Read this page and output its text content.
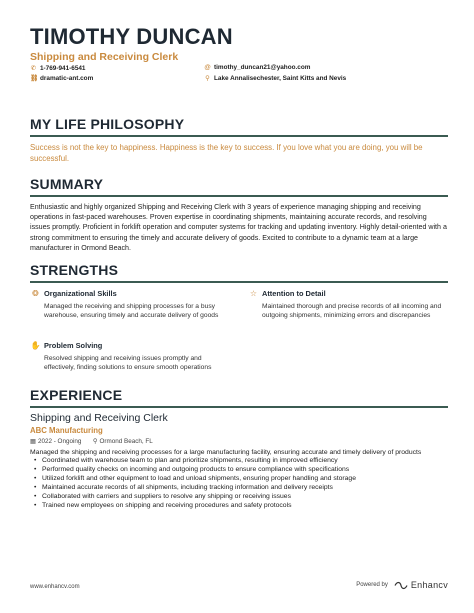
TIMOTHY DUNCAN
Shipping and Receiving Clerk
✆ 1-769-941-6541	@ timothy_duncan21@yahoo.com
⛓ dramatic-ant.com	⚲ Lake Annalisechester, Saint Kitts and Nevis
MY LIFE PHILOSOPHY
Success is not the key to happiness. Happiness is the key to success. If you love what you are doing, you will be successful.
SUMMARY
Enthusiastic and highly organized Shipping and Receiving Clerk with 3 years of experience managing shipping and receiving operations in fast-paced warehouses. Proven expertise in coordinating shipments, maintaining accurate records, and resolving issues promptly. Proficient in forklift operation and computer systems for tracking and updating inventory. Highly detail-oriented with a strong commitment to ensuring the timely and accurate delivery of goods. Excited to contribute to a dynamic team at a large manufacturer in Ormond Beach.
STRENGTHS
❂ Organizational Skills
Managed the receiving and shipping processes for a busy warehouse, ensuring timely and accurate delivery of goods
☆ Attention to Detail
Maintained thorough and precise records of all incoming and outgoing shipments, minimizing errors and discrepancies
✋ Problem Solving
Resolved shipping and receiving issues promptly and effectively, finding solutions to ensure smooth operations
EXPERIENCE
Shipping and Receiving Clerk
ABC Manufacturing
▦ 2022 - Ongoing ⚲ Ormond Beach, FL
Managed the shipping and receiving processes for a large manufacturing facility, ensuring accurate and timely delivery of products
• Coordinated with warehouse team to plan and prioritize shipments, resulting in improved efficiency
• Performed quality checks on incoming and outgoing products to ensure compliance with specifications
• Utilized forklift and other equipment to load and unload shipments, ensuring proper handling and storage
• Maintained accurate records of all shipments, including tracking information and delivery receipts
• Collaborated with carriers and suppliers to resolve any shipping or receiving issues
• Trained new employees on shipping and receiving procedures and safety protocols
www.enhancv.com	Powered by	Enhancv
